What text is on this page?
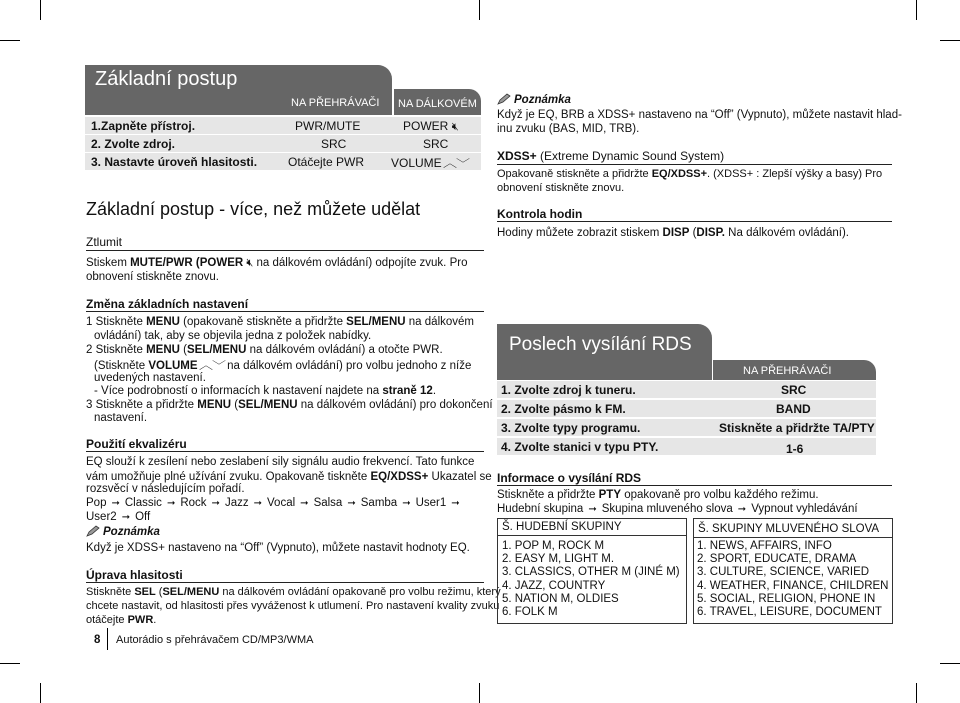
Základní postup
NA PŘEHRÁVAČI NA DÁLKOVÉM
1.Zapněte přístroj.	PWR/MUTE	POWER 🔇︎
2. Zvolte zdroj.	SRC	SRC
3. Nastavte úroveň hlasitosti.	Otáčejte PWR VOLUME ︿ ﹀
Základní postup - více, než můžete udělat
Ztlumit
Stiskem MUTE/PWR (POWER 🔇︎ na dálkovém ovládání) odpojíte zvuk. Pro
obnovení stiskněte znovu.
Změna základních nastavení
1 Stiskněte MENU (opakovaně stiskněte a přidržte SEL/MENU na dálkovém
ovládání) tak, aby se objevila jedna z položek nabídky.
2 Stiskněte MENU (SEL/MENU na dálkovém ovládání) a otočte PWR.
(Stiskněte VOLUME ︿ ﹀ na dálkovém ovládání) pro volbu jednoho z níže
uvedených nastavení.
- Více podrobností o informacích k nastavení najdete na straně 12.
3 Stiskněte a přidržte MENU (SEL/MENU na dálkovém ovládání) pro dokončení
nastavení.
Použití ekvalizéru
EQ slouží k zesílení nebo zeslabení sily signálu audio frekvencí. Tato funkce
vám umožňuje plné užívání zvuku. Opakovaně tiskněte EQ/XDSS+ Ukazatel se
rozsvěcí v následujícím pořadí.
Pop ➞ Classic ➞ Rock ➞ Jazz ➞ Vocal ➞ Salsa ➞ Samba ➞ User1 ➞
User2 ➞ Off
Poznámka
Když je XDSS+ nastaveno na “Off” (Vypnuto), můžete nastavit hodnoty EQ.
Úprava hlasitosti
Stiskněte SEL (SEL/MENU na dálkovém ovládání opakovaně pro volbu režimu, který
chcete nastavit, od hlasitosti přes vyváženost k utlumení. Pro nastavení kvality zvuku
otáčejte PWR.
8 Autorádio s přehrávačem CD/MP3/WMA
Poznámka
Když je EQ, BRB a XDSS+ nastaveno na “Off” (Vypnuto), můžete nastavit hlad-
inu zvuku (BAS, MID, TRB).
XDSS+ (Extreme Dynamic Sound System)
Opakovaně stiskněte a přidržte EQ/XDSS+. (XDSS+ : Zlepší výšky a basy) Pro
obnovení stiskněte znovu.
Kontrola hodin
Hodiny můžete zobrazit stiskem DISP (DISP. Na dálkovém ovládání).
Poslech vysílání RDS
NA PŘEHRÁVAČI
1. Zvolte zdroj k tuneru.	SRC
2. Zvolte pásmo k FM.	BAND
3. Zvolte typy programu.	Stiskněte a přidržte TA/PTY
4. Zvolte stanici v typu PTY.	1-6
Informace o vysílání RDS
Stiskněte a přidržte PTY opakovaně pro volbu každého režimu.
Hudební skupina ➞ Skupina mluveného slova ➞ Vypnout vyhledávání
Š. HUDEBNÍ SKUPINY	Š. SKUPINY MLUVENÉHO SLOVA
1. POP M, ROCK M
2. EASY M, LIGHT M.
3. CLASSICS, OTHER M (JINÉ M)
4. JAZZ, COUNTRY
5. NATION M, OLDIES
6. FOLK M
1. NEWS, AFFAIRS, INFO
2. SPORT, EDUCATE, DRAMA
3. CULTURE, SCIENCE, VARIED
4. WEATHER, FINANCE, CHILDREN
5. SOCIAL, RELIGION, PHONE IN
6. TRAVEL, LEISURE, DOCUMENT
